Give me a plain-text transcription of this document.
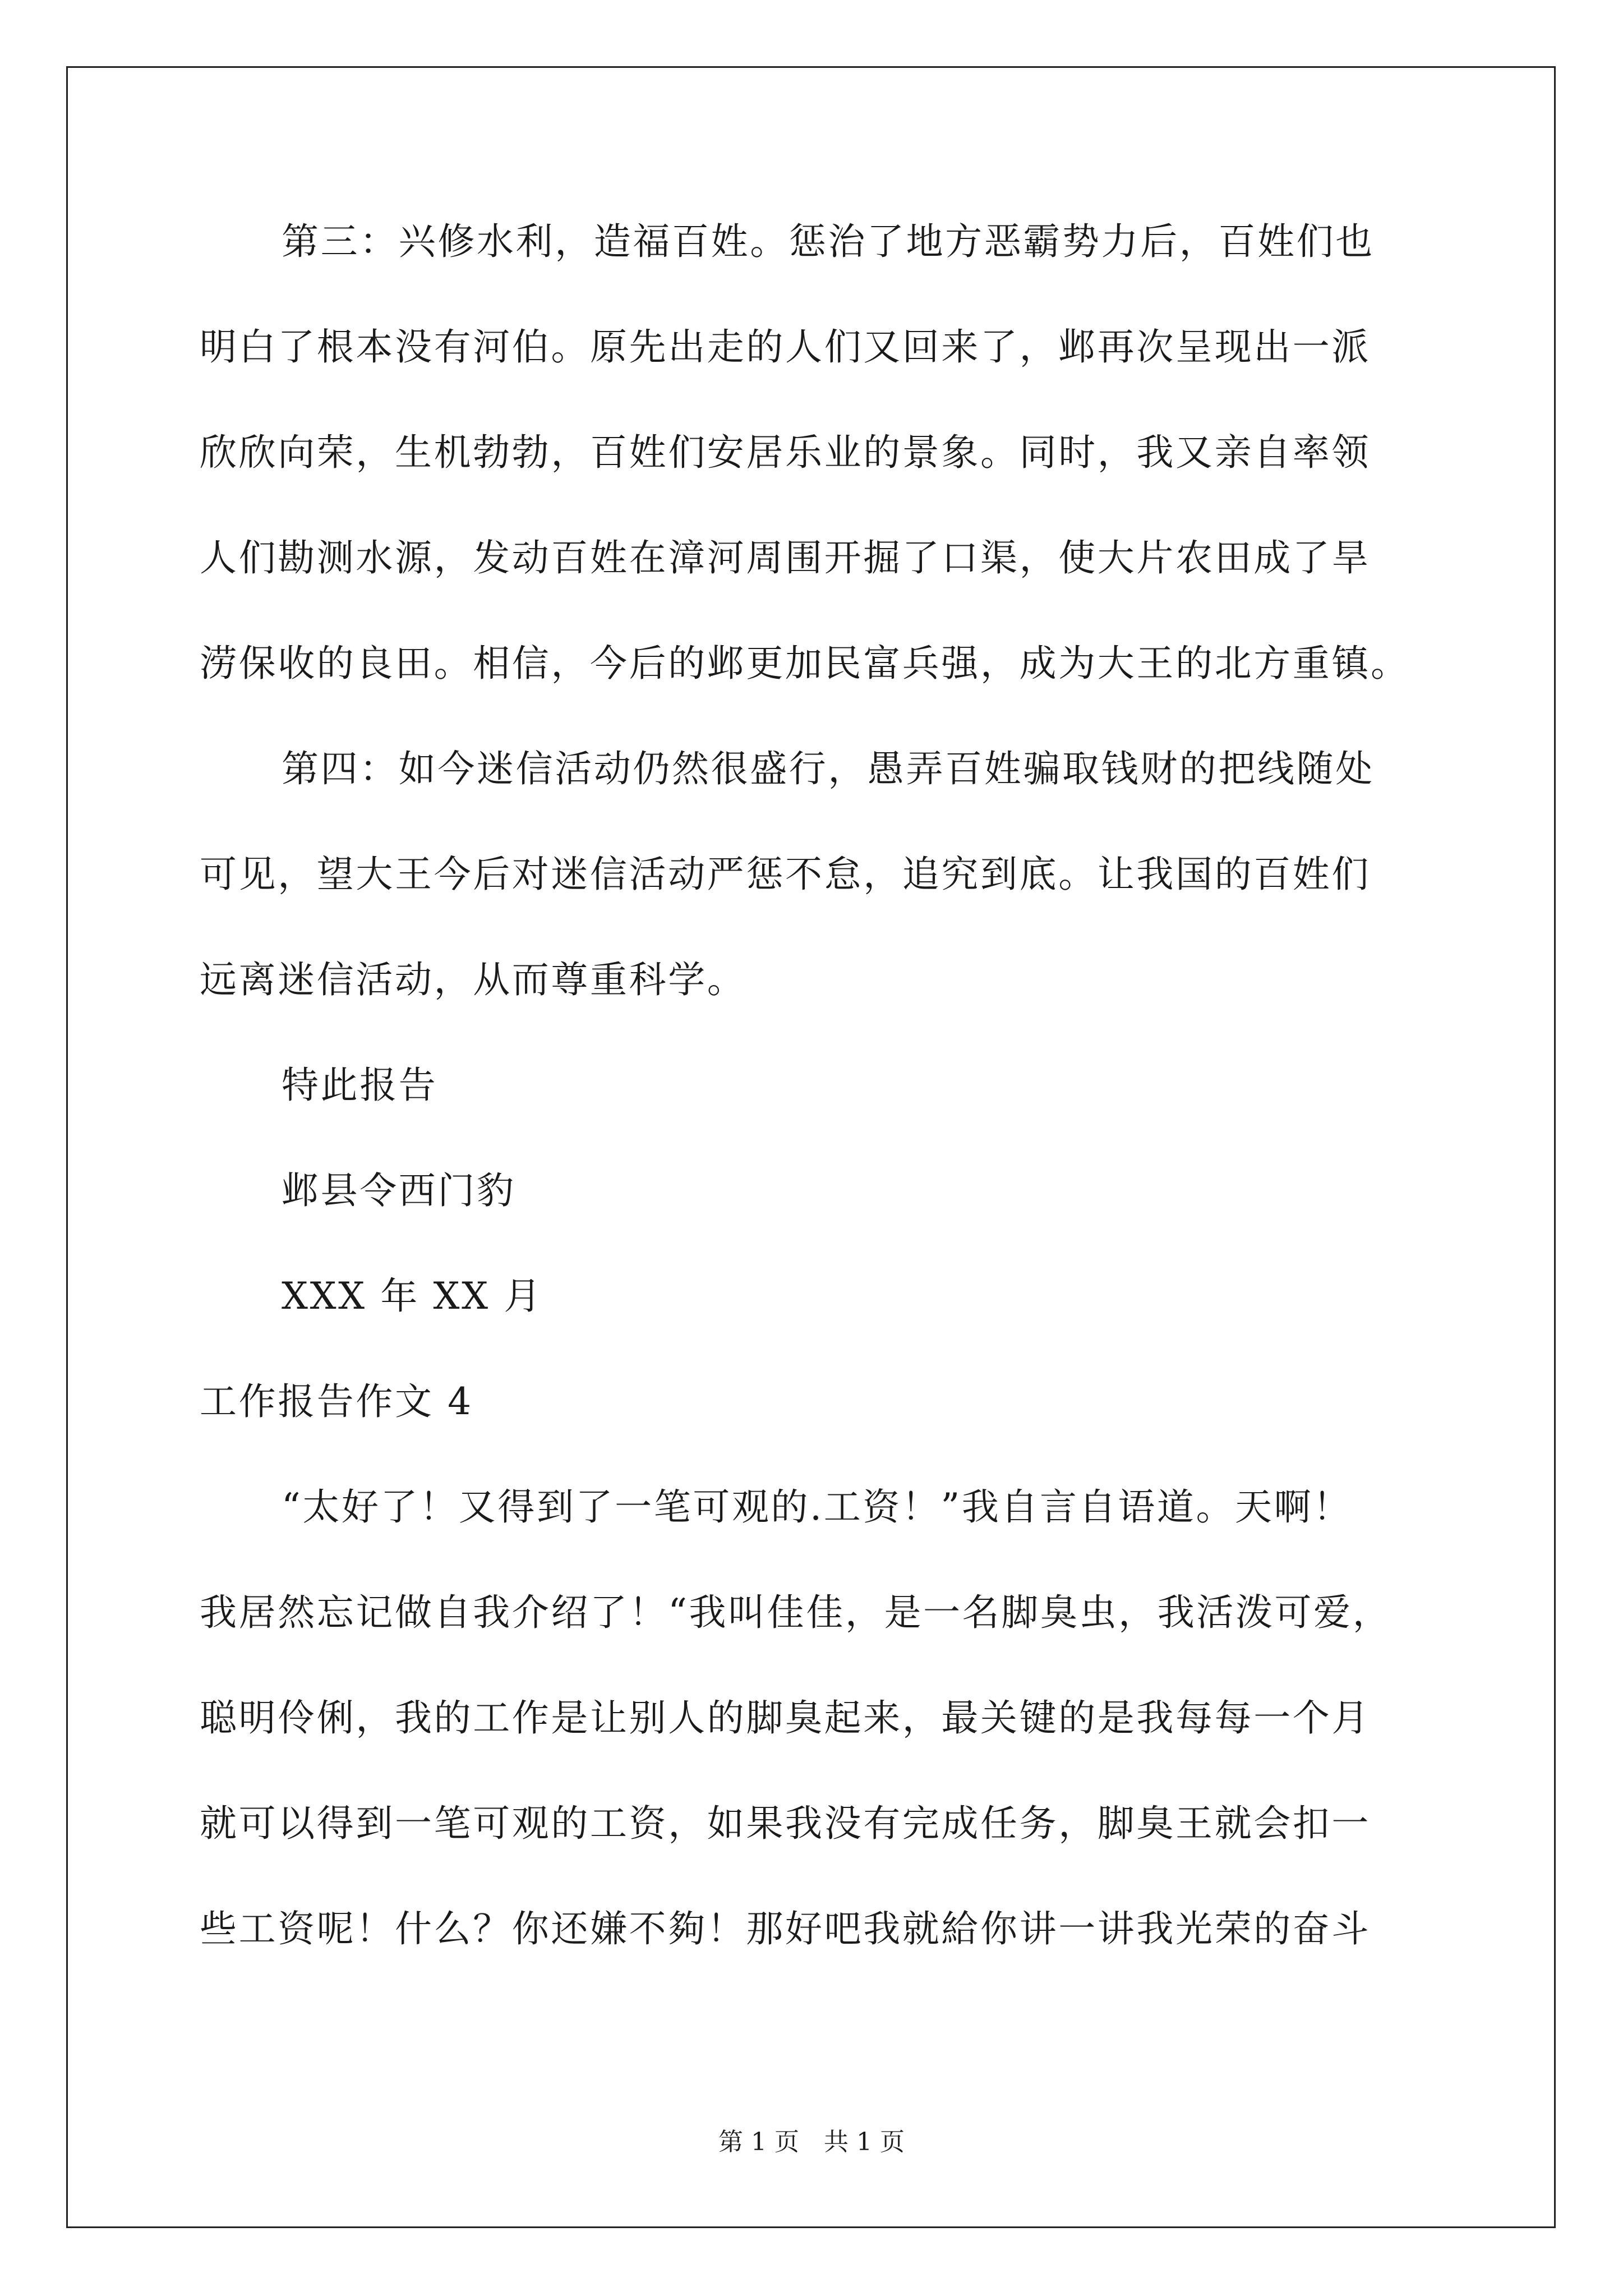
第三：兴修水利，造福百姓。惩治了地方恶霸势力后，百姓们也
明白了根本没有河伯。原先出走的人们又回来了，邺再次呈现出一派
欣欣向荣，生机勃勃，百姓们安居乐业的景象。同时，我又亲自率领
人们勘测水源，发动百姓在漳河周围开掘了口渠，使大片农田成了旱
涝保收的良田。相信，今后的邺更加民富兵强，成为大王的北方重镇。
第四：如今迷信活动仍然很盛行，愚弄百姓骗取钱财的把线随处
可见，望大王今后对迷信活动严惩不怠，追究到底。让我国的百姓们
远离迷信活动，从而尊重科学。
特此报告
邺县令西门豹
XXX 年 XX 月
工作报告作文 4
“太好了！又得到了一笔可观的.工资！”我自言自语道。天啊！
我居然忘记做自我介绍了！“我叫佳佳，是一名脚臭虫，我活泼可爱，
聪明伶俐，我的工作是让别人的脚臭起来，最关键的是我每每一个月
就可以得到一笔可观的工资，如果我没有完成任务，脚臭王就会扣一
些工资呢！什么？你还嫌不夠！那好吧我就給你讲一讲我光荣的奋斗
第 1 页　共 1 页
